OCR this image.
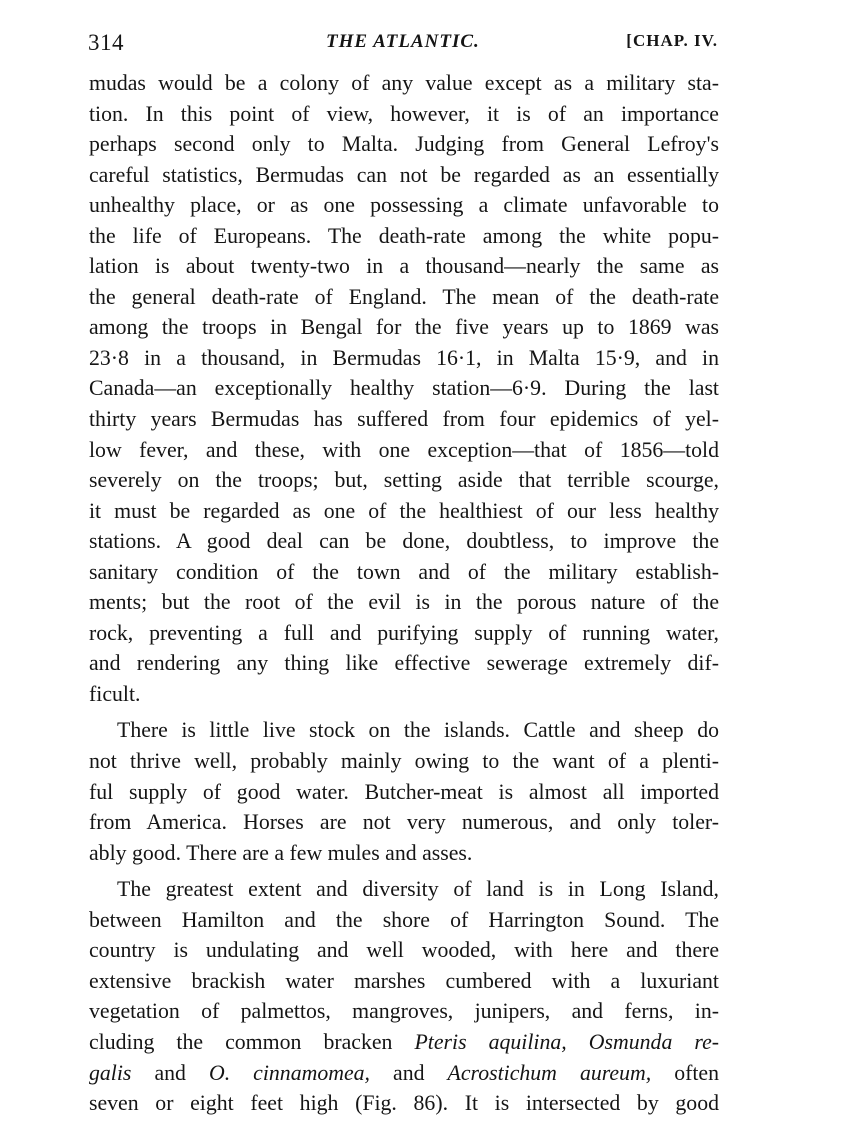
314	THE ATLANTIC.	[CHAP. IV.
mudas would be a colony of any value except as a military sta-
tion. In this point of view, however, it is of an importance
perhaps second only to Malta. Judging from General Lefroy's
careful statistics, Bermudas can not be regarded as an essentially
unhealthy place, or as one possessing a climate unfavorable to
the life of Europeans. The death-rate among the white popu-
lation is about twenty-two in a thousand—nearly the same as
the general death-rate of England. The mean of the death-rate
among the troops in Bengal for the five years up to 1869 was
23·8 in a thousand, in Bermudas 16·1, in Malta 15·9, and in
Canada—an exceptionally healthy station—6·9. During the last
thirty years Bermudas has suffered from four epidemics of yel-
low fever, and these, with one exception—that of 1856—told
severely on the troops; but, setting aside that terrible scourge,
it must be regarded as one of the healthiest of our less healthy
stations. A good deal can be done, doubtless, to improve the
sanitary condition of the town and of the military establish-
ments; but the root of the evil is in the porous nature of the
rock, preventing a full and purifying supply of running water,
and rendering any thing like effective sewerage extremely dif-
ficult.
There is little live stock on the islands. Cattle and sheep do
not thrive well, probably mainly owing to the want of a plenti-
ful supply of good water. Butcher-meat is almost all imported
from America. Horses are not very numerous, and only toler-
ably good. There are a few mules and asses.
The greatest extent and diversity of land is in Long Island,
between Hamilton and the shore of Harrington Sound. The
country is undulating and well wooded, with here and there
extensive brackish water marshes cumbered with a luxuriant
vegetation of palmettos, mangroves, junipers, and ferns, in-
cluding the common bracken Pteris aquilina, Osmunda re-
galis and O. cinnamomea, and Acrostichum aureum, often
seven or eight feet high (Fig. 86). It is intersected by good
